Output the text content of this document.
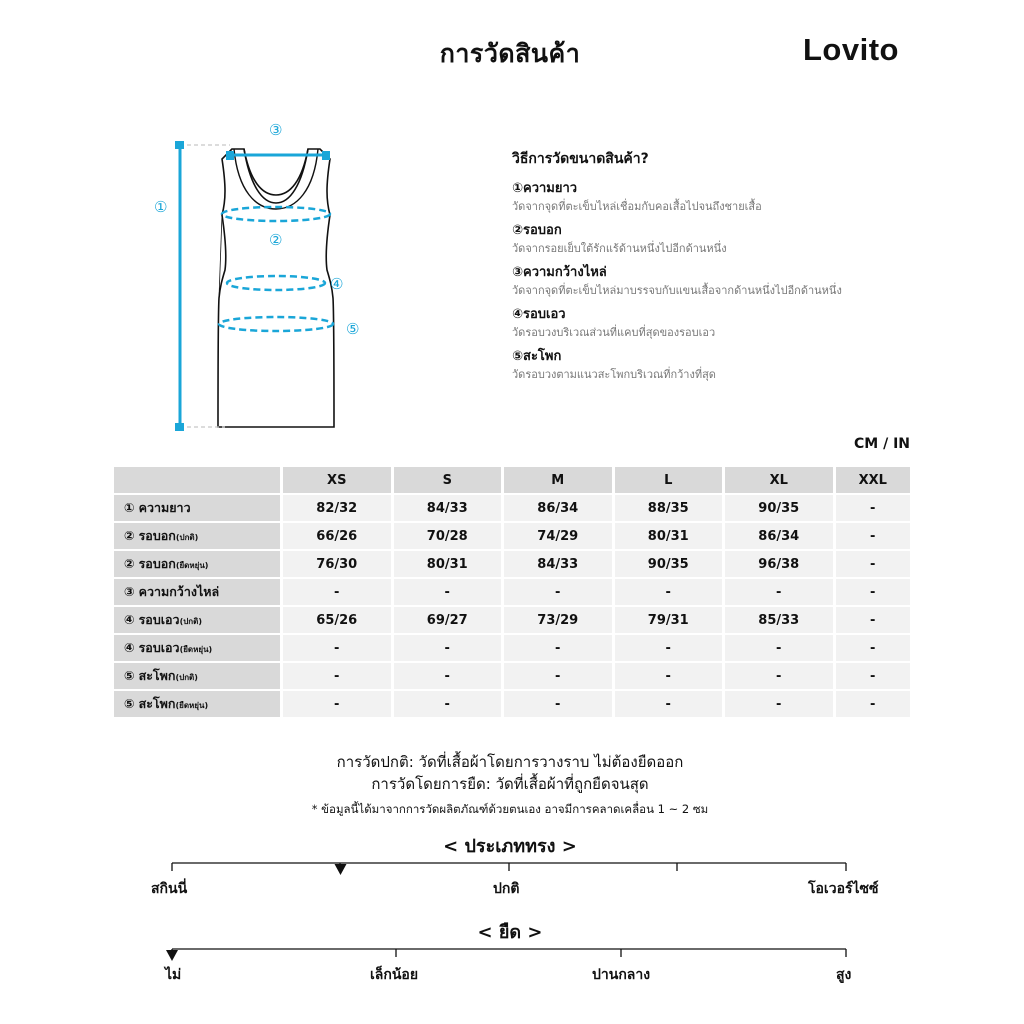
การวัดสินค้า	Lovito
①
③
②
④
⑤
วิธีการวัดขนาดสินค้า?
①ความยาว
วัดจากจุดที่ตะเข็บไหล่เชื่อมกับคอเสื้อไปจนถึงชายเสื้อ
②รอบอก
วัดจากรอยเย็บใต้รักแร้ด้านหนึ่งไปอีกด้านหนึ่ง
③ความกว้างไหล่
วัดจากจุดที่ตะเข็บไหล่มาบรรจบกับแขนเสื้อจากด้านหนึ่งไปอีกด้านหนึ่ง
④รอบเอว
วัดรอบวงบริเวณส่วนที่แคบที่สุดของรอบเอว
⑤สะโพก
วัดรอบวงตามแนวสะโพกบริเวณที่กว้างที่สุด
CM / IN
	XS	S	M	L	XL	XXL
① ความยาว	82/32	84/33	86/34	88/35	90/35	-
② รอบอก(ปกติ)	66/26	70/28	74/29	80/31	86/34	-
② รอบอก(ยืดหยุ่น)	76/30	80/31	84/33	90/35	96/38	-
③ ความกว้างไหล่	-	-	-	-	-	-
④ รอบเอว(ปกติ)	65/26	69/27	73/29	79/31	85/33	-
④ รอบเอว(ยืดหยุ่น)	-	-	-	-	-	-
⑤ สะโพก(ปกติ)	-	-	-	-	-	-
⑤ สะโพก(ยืดหยุ่น)	-	-	-	-	-	-
การวัดปกติ: วัดที่เสื้อผ้าโดยการวางราบ ไม่ต้องยืดออก
การวัดโดยการยืด: วัดที่เสื้อผ้าที่ถูกยืดจนสุด
* ข้อมูลนี้ได้มาจากการวัดผลิตภัณฑ์ด้วยตนเอง อาจมีการคลาดเคลื่อน 1 ~ 2 ซม
< ประเภททรง >
สกินนี่	ปกติ	โอเวอร์ไซซ์
< ยืด >
ไม่	เล็กน้อย	ปานกลาง	สูง
